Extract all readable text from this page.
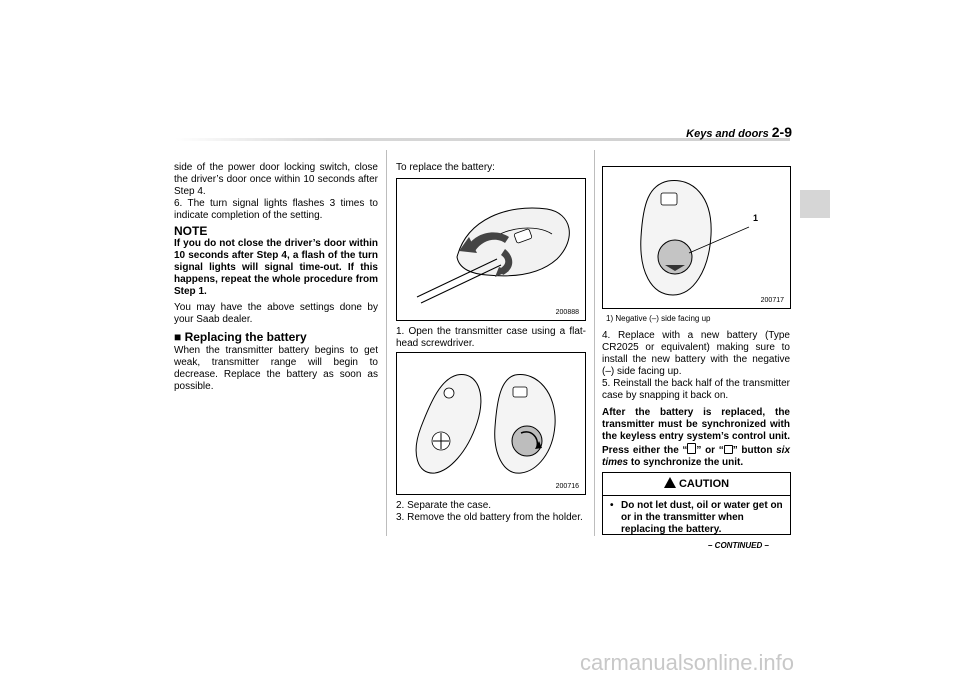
carmanualsonline.info
Keys and doors 2-9

side of the power door locking switch, close the driver’s door once within 10 seconds after Step 4.

6. The turn signal lights flashes 3 times to indicate completion of the setting.

NOTE

If you do not close the driver’s door within 10 seconds after Step 4, a flash of the turn signal lights will signal time-out. If this happens, repeat the whole procedure from Step 1.

You may have the above settings done by your Saab dealer.

■ Replacing the battery

When the transmitter battery begins to get weak, transmitter range will begin to decrease. Replace the battery as soon as possible.

To replace the battery:

200888

1. Open the transmitter case using a flat-head screwdriver.

200716

2. Separate the case.

3. Remove the old battery from the holder.

1
200717

1) Negative (–) side facing up

4. Replace with a new battery (Type CR2025 or equivalent) making sure to install the new battery with the negative (–) side facing up.

5. Reinstall the back half of the transmitter case by snapping it back on.

After the battery is replaced, the transmitter must be synchronized with the keyless entry system’s control unit. Press either the “ ” or “ ” button six times to synchronize the unit.

CAUTION
• Do not let dust, oil or water get on or in the transmitter when replacing the battery.
– CONTINUED –
